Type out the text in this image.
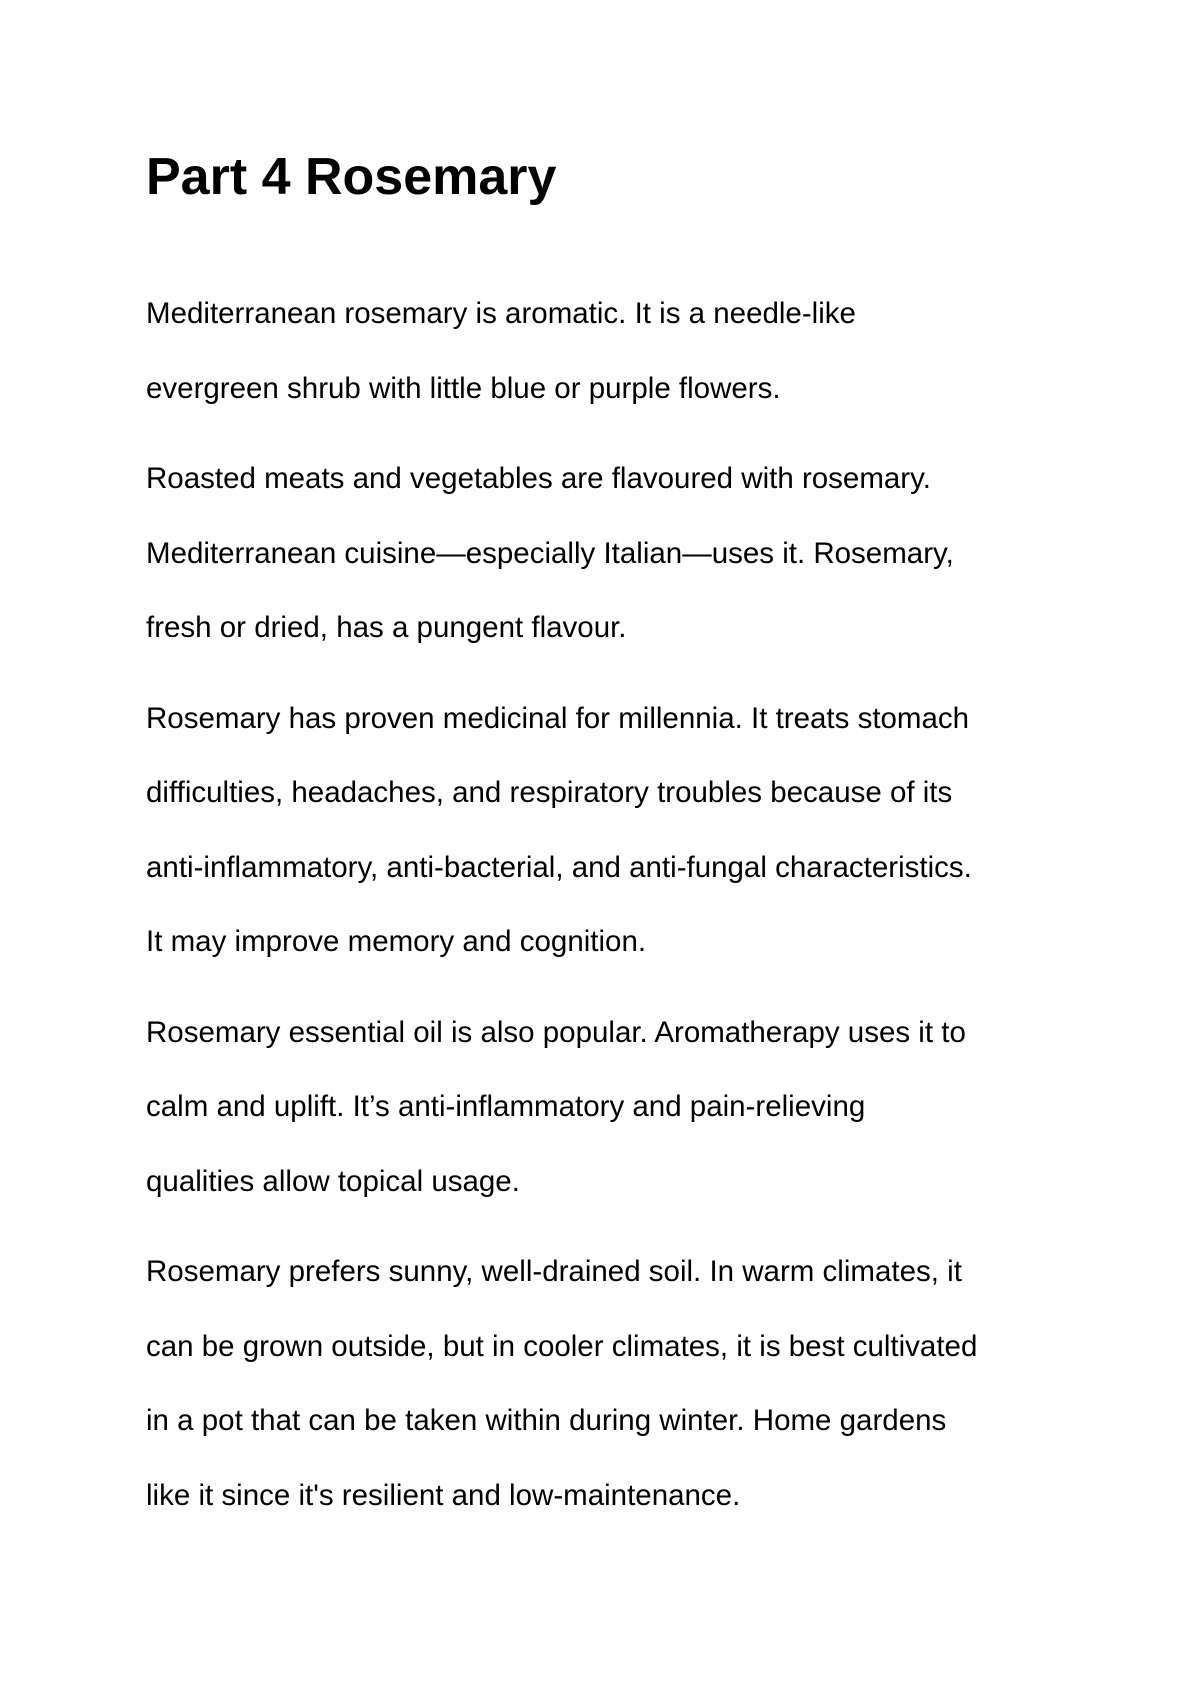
Part 4 Rosemary

Mediterranean rosemary is aromatic. It is a needle-like
evergreen shrub with little blue or purple flowers.

Roasted meats and vegetables are flavoured with rosemary.
Mediterranean cuisine—especially Italian—uses it. Rosemary,
fresh or dried, has a pungent flavour.

Rosemary has proven medicinal for millennia. It treats stomach
difficulties, headaches, and respiratory troubles because of its
anti-inflammatory, anti-bacterial, and anti-fungal characteristics.
It may improve memory and cognition.

Rosemary essential oil is also popular. Aromatherapy uses it to
calm and uplift. It’s anti-inflammatory and pain-relieving
qualities allow topical usage.

Rosemary prefers sunny, well-drained soil. In warm climates, it
can be grown outside, but in cooler climates, it is best cultivated
in a pot that can be taken within during winter. Home gardens
like it since it's resilient and low-maintenance.
